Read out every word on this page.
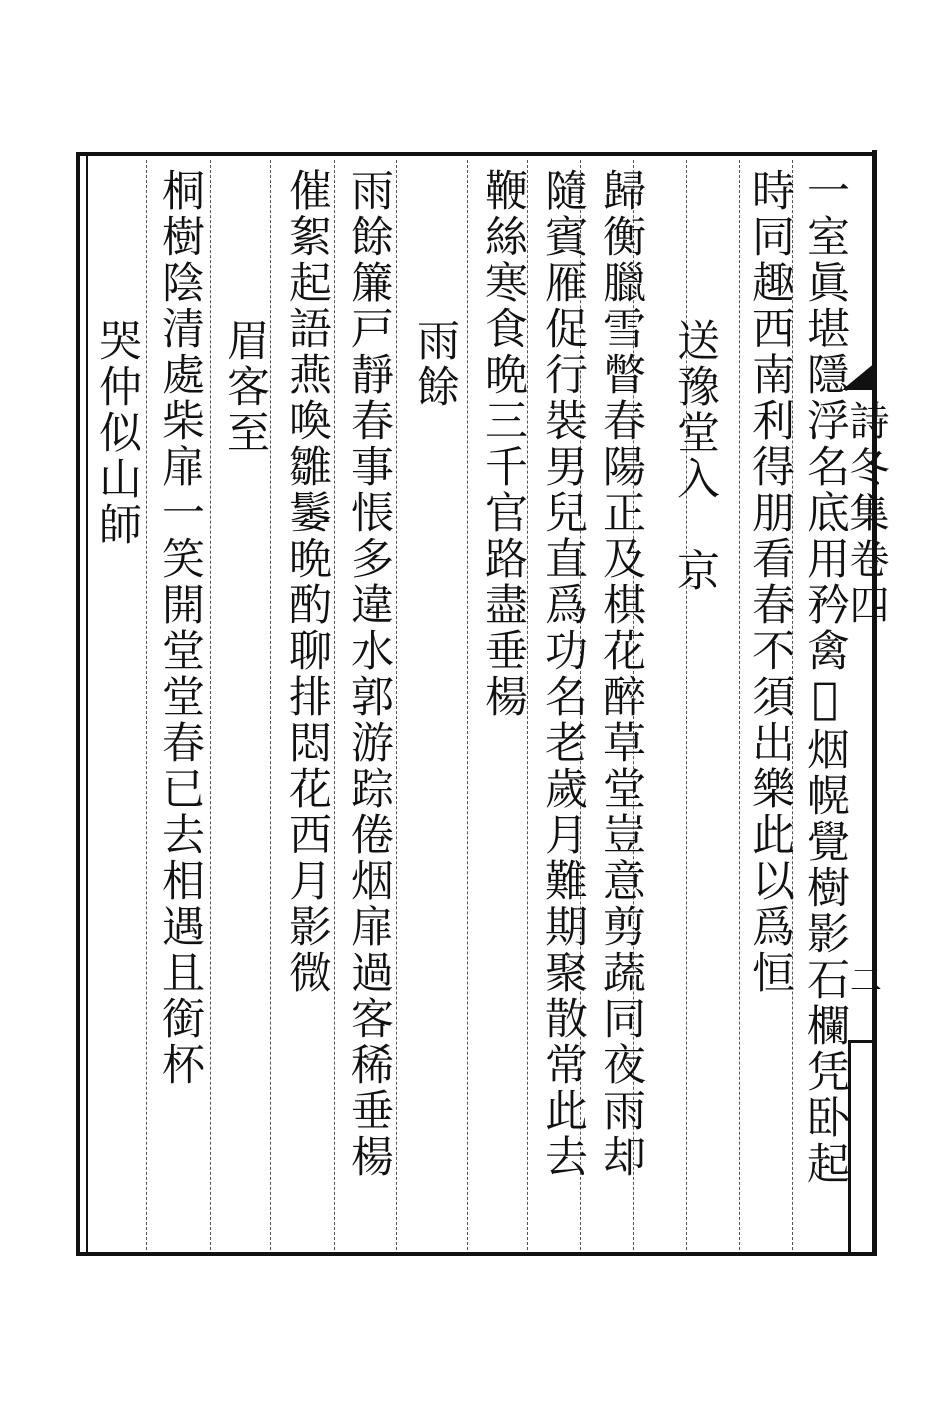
詩冬集卷四
二
一室眞堪隱浮名底用矜禽𢿰烟幌覺樹影石欄凭卧起
時同趣西南利得朋看春不須出樂此以爲恒
送豫堂入　京
歸衡臘雪瞥春陽正及棋花醉草堂豈意剪蔬同夜雨却
隨賓雁促行裝男兒直爲功名老歲月難期聚散常此去
鞭絲寒食晩三千官路盡垂楊
雨餘
雨餘簾戸靜春事悵多違水郭游踪倦烟扉過客稀垂楊
催絮起語燕喚雛䰀晩酌聊排悶花西月影微
眉客至
桐樹陰清處柴扉一笑開堂堂春已去相遇且銜杯
哭仲似山師
